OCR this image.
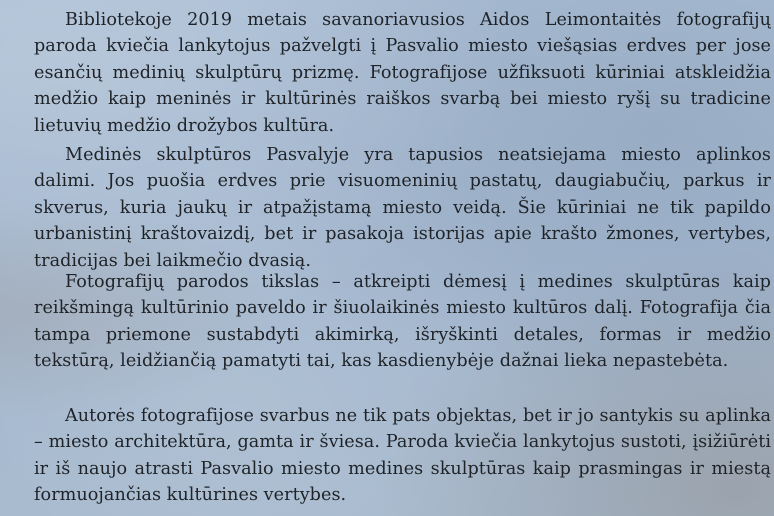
Bibliotekoje 2019 metais savanoriavusios Aidos Leimontaitės fotografijų paroda kviečia lankytojus pažvelgti į Pasvalio miesto viešąsias erdves per jose esančių medinių skulptūrų prizmę. Fotografijose užfiksuoti kūriniai atskleidžia medžio kaip meninės ir kultūrinės raiškos svarbą bei miesto ryšį su tradicine lietuvių medžio drožybos kultūra.

Medinės skulptūros Pasvalyje yra tapusios neatsiejama miesto aplinkos dalimi. Jos puošia erdves prie visuomeninių pastatų, daugiabučių, parkus ir skverus, kuria jaukų ir atpažįstamą miesto veidą. Šie kūriniai ne tik papildo urbanistinį kraštovaizdį, bet ir pasakoja istorijas apie krašto žmones, vertybes, tradicijas bei laikmečio dvasią.

Fotografijų parodos tikslas – atkreipti dėmesį į medines skulptūras kaip reikšmingą kultūrinio paveldo ir šiuolaikinės miesto kultūros dalį. Fotografija čia tampa priemone sustabdyti akimirką, išryškinti detales, formas ir medžio tekstūrą, leidžiančią pamatyti tai, kas kasdienybėje dažnai lieka nepastebėta.

Autorės fotografijose svarbus ne tik pats objektas, bet ir jo santykis su aplinka – miesto architektūra, gamta ir šviesa. Paroda kviečia lankytojus sustoti, įsižiūrėti ir iš naujo atrasti Pasvalio miesto medines skulptūras kaip prasmingas ir miestą formuojančias kultūrines vertybes.
